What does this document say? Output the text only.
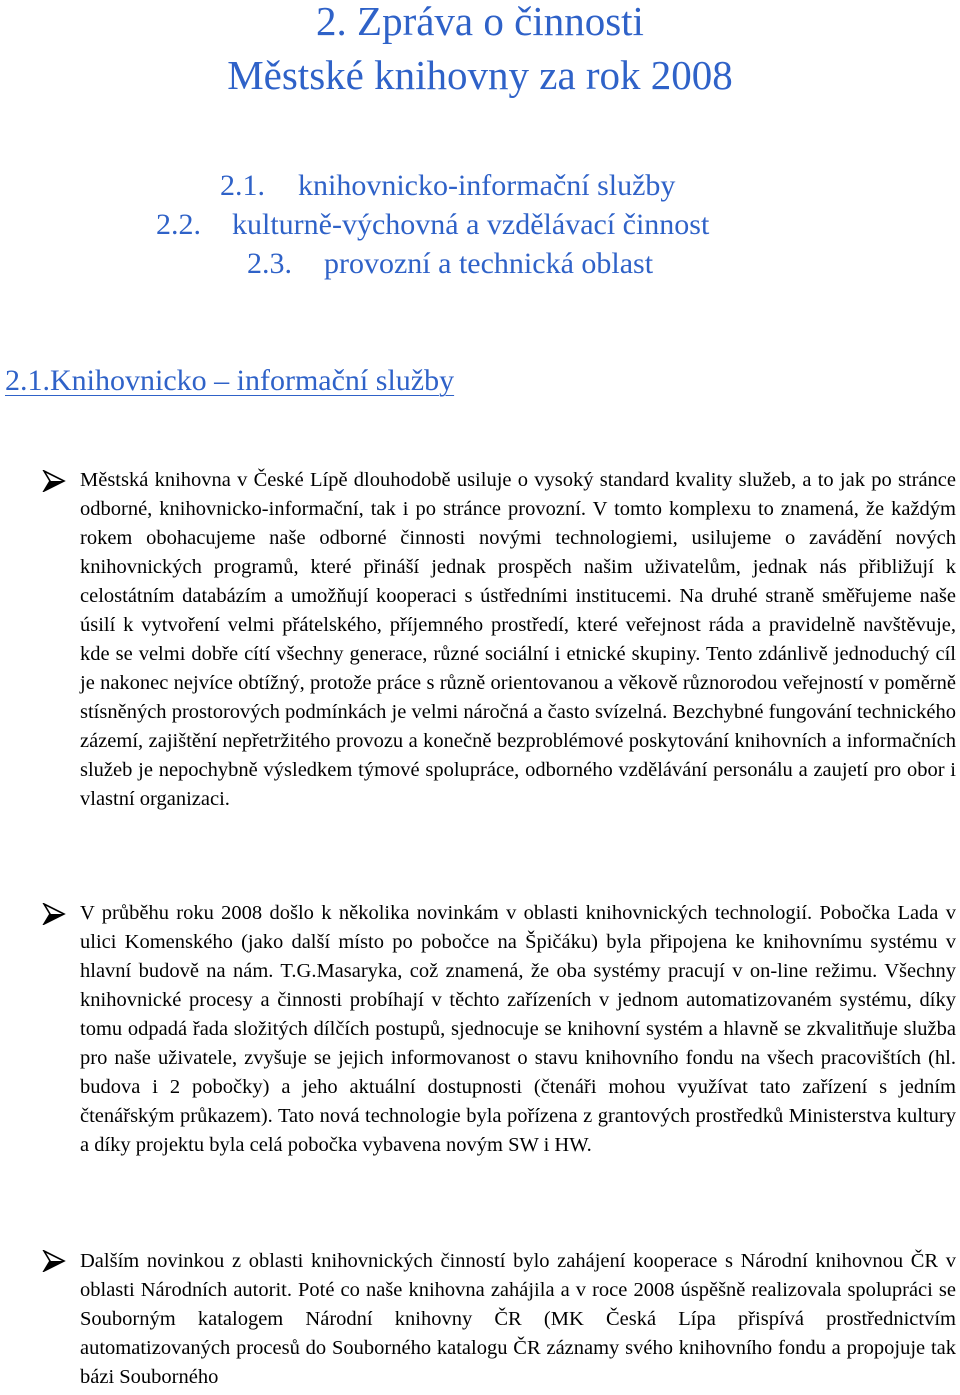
2. Zpráva o činnosti
Městské knihovny za rok 2008
2.1. knihovnicko-informační služby
2.2. kulturně-výchovná a vzdělávací činnost
2.3. provozní a technická oblast
2.1.Knihovnicko – informační služby

Městská knihovna v České Lípě dlouhodobě usiluje o vysoký standard kvality služeb, a to jak po stránce odborné, knihovnicko-informační, tak i po stránce provozní. V tomto komplexu to znamená, že každým rokem obohacujeme naše odborné činnosti novými technologiemi, usilujeme o zavádění nových knihovnických programů, které přináší jednak prospěch našim uživatelům, jednak nás přibližují k celostátním databázím a umožňují kooperaci s ústředními institucemi. Na druhé straně směřujeme naše úsilí k vytvoření velmi přátelského, příjemného prostředí, které veřejnost ráda a pravidelně navštěvuje, kde se velmi dobře cítí všechny generace, různé sociální i etnické skupiny. Tento zdánlivě jednoduchý cíl je nakonec nejvíce obtížný, protože práce s různě orientovanou a věkově různorodou veřejností v poměrně stísněných prostorových podmínkách je velmi náročná a často svízelná. Bezchybné fungování technického zázemí, zajištění nepřetržitého provozu a konečně bezproblémové poskytování knihovních a informačních služeb je nepochybně výsledkem týmové spolupráce, odborného vzdělávání personálu a zaujetí pro obor i vlastní organizaci.

V průběhu roku 2008 došlo k několika novinkám v oblasti knihovnických technologií. Pobočka Lada v ulici Komenského (jako další místo po pobočce na Špičáku) byla připojena ke knihovnímu systému v hlavní budově na nám. T.G.Masaryka, což znamená, že oba systémy pracují v on-line režimu. Všechny knihovnické procesy a činnosti probíhají v těchto zařízeních v jednom automatizovaném systému, díky tomu odpadá řada složitých dílčích postupů, sjednocuje se knihovní systém a hlavně se zkvalitňuje služba pro naše uživatele, zvyšuje se jejich informovanost o stavu knihovního fondu na všech pracovištích (hl. budova i 2 pobočky) a jeho aktuální dostupnosti (čtenáři mohou využívat tato zařízení s jedním čtenářským průkazem). Tato nová technologie byla pořízena z grantových prostředků Ministerstva kultury a díky projektu byla celá pobočka vybavena novým SW i HW.

Dalším novinkou z oblasti knihovnických činností bylo zahájení kooperace s Národní knihovnou ČR v oblasti Národních autorit. Poté co naše knihovna zahájila a v roce 2008 úspěšně realizovala spolupráci se Souborným katalogem Národní knihovny ČR (MK Česká Lípa přispívá prostřednictvím automatizovaných procesů do Souborného katalogu ČR záznamy svého knihovního fondu a propojuje tak bázi Souborného
